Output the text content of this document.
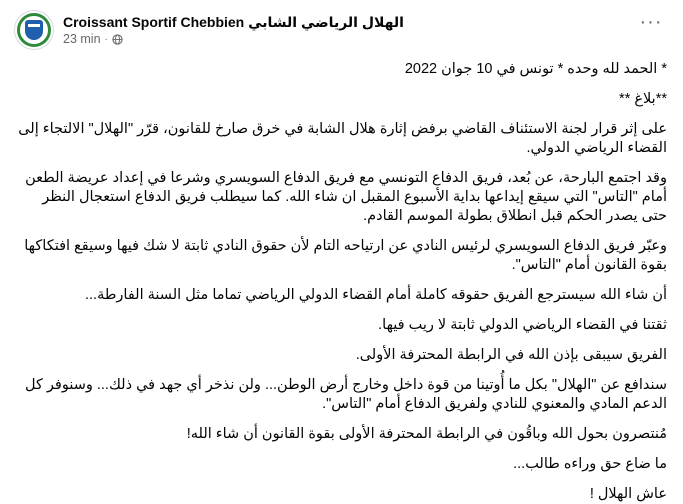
Croissant Sportif Chebbien الهلال الرياضي الشابي
23 min ·
···

* الحمد لله وحده * تونس في 10 جوان 2022

**بلاغ **

على إثر قرار لجنة الاستئناف القاضي برفض إثارة هلال الشابة في خرق صارخ للقانون، قرّر "الهلال" الالتجاء إلى القضاء الرياضي الدولي.

وقد اجتمع البارحة، عن بُعد، فريق الدفاع التونسي مع فريق الدفاع السويسري وشرعا في إعداد عريضة الطعن أمام "التاس" التي سيقع إيداعها بداية الأسبوع المقبل ان شاء الله. كما سيطلب فريق الدفاع استعجال النظر حتى يصدر الحكم قبل انطلاق بطولة الموسم القادم.

وعبّر فريق الدفاع السويسري لرئيس النادي عن ارتياحه التام لأن حقوق النادي ثابتة لا شك فيها وسيقع افتكاكها بقوة القانون أمام "التاس".

أن شاء الله سيسترجع الفريق حقوقه كاملة أمام القضاء الدولي الرياضي تماما مثل السنة الفارطة...

ثقتنا في القضاء الرياضي الدولي ثابتة لا ريب فيها.

الفريق سيبقى بإذن الله في الرابطة المحترفة الأولى.

سندافع عن "الهلال" بكل ما أُوتينا من قوة داخل وخارج أرض الوطن... ولن نذخر أي جهد في ذلك... وسنوفر كل الدعم المادي والمعنوي للنادي ولفريق الدفاع أمام "التاس".

مُنتصرون بحول الله وباقُون في الرابطة المحترفة الأولى بقوة القانون أن شاء الله!

ما ضاع حق وراءه طالب...

عاش الهلال !
